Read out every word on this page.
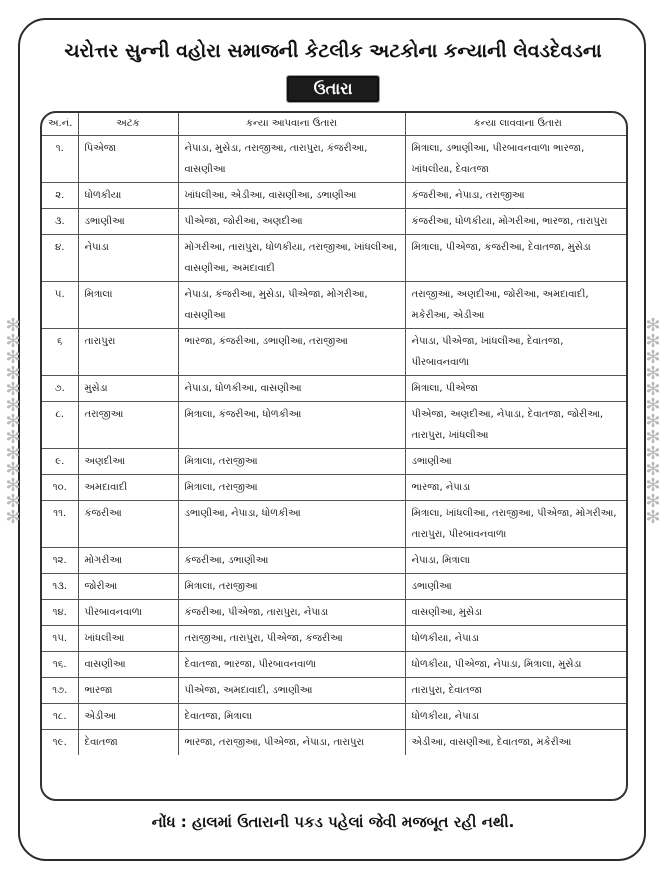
✻
✻
✻
✻
✻
✻
✻
✻
✻
✻
✻
✻
✻
✻
✻
✻
✻
✻
✻
✻
✻
✻
✻
✻
✻
✻
ચરોત્તર સુન્‍ની વહોરા સમાજની કેટલીક અટકોના કન્યાની લેવડદેવડના
ઉતારા
અ.નં.	અટક	કન્યા આપવાના ઉતારા	કન્યા લાવવાના ઉતારા
૧.	પિએજા	નેપાડા, મુસેડા, તરાજીઆ, તારાપુરા, કંજરીઆ, વાસણીઆ	મિત્રાલા, ડભાણીઆ, પીરબાવનવાળા ભારજા, ખાંધલીયા, દેવાતજા
૨.	ધોળકીયા	ખાંધલીઆ, એડીઆ, વાસણીઆ, ડભાણીઆ	કંજરીઆ, નેપાડા, તરાજીઆ
૩.	ડભાણીઆ	પીએજા, જોરીઆ, અણદીઆ	કંજરીઆ, ધોળકીયા, મોગરીઆ, ભારજા, તારાપુરા
૪.	નેપાડા	મોગરીઆ, તારાપુરા, ધોળકીયા, તરાજીઆ, ખાંધલીઆ, વાસણીઆ, અમદાવાદી	મિત્રાલા, પીએજા, કંજરીઆ, દેવાતજા, મુસેડા
૫.	મિત્રાલા	નેપાડા, કંજરીઆ, મુસેડા, પીએજા, મોગરીઆ, વાસણીઆ	તરાજીઆ, અણદીઆ, જોરીઆ, અમદાવાદી, મકેરીઆ, એડીઆ
૬	તારાપુરા	ભારજા, કંજરીઆ, ડભાણીઆ, તરાજીઆ	નેપાડા, પીએજા, ખાંધલીઆ, દેવાતજા, પીરબાવનવાળા
૭.	મુસેડા	નેપાડા, ધોળકીઆ, વાસણીઆ	મિત્રાલા, પીએજા
૮.	તરાજીઆ	મિત્રાલા, કંજરીઆ, ધોળકીઆ	પીએજા, અણદીઆ, નેપાડા, દેવાતજા, જોરીઆ, તારાપુરા, ખાંધલીઆ
૯.	અણદીઆ	મિત્રાલા, તરાજીઆ	ડભાણીઆ
૧૦.	અમદાવાદી	મિત્રાલા, તરાજીઆ	ભારજા, નેપાડા
૧૧.	કંજરીઆ	ડભાણીઆ, નેપાડા, ધોળકીઆ	મિત્રાલા, ખાંધલીઆ, તરાજીઆ, પીએજા, મોગરીઆ, તારાપુરા, પીરબાવનવાળા
૧૨.	મોગરીઆ	કંજરીઆ, ડભાણીઆ	નેપાડા, મિત્રાલા
૧૩.	જોરીઆ	મિત્રાલા, તરાજીઆ	ડભાણીઆ
૧૪.	પીરબાવનવાળા	કંજરીઆ, પીએજા, તારાપુરા, નેપાડા	વાસણીઆ, મુસેડા
૧૫.	ખાંધલીઆ	તરાજીઆ, તારાપુરા, પીએજા, કંજરીઆ	ધોળકીયા, નેપાડા
૧૬.	વાસણીઆ	દેવાતજા, ભારજા, પીરબાવનવાળા	ધોળકીયા, પીએજા, નેપાડા, મિત્રાલા, મુસેડા
૧૭.	ભારજા	પીએજા, અમદાવાદી, ડભાણીઆ	તારાપુરા, દેવાતજા
૧૮.	એડીઆ	દેવાતજા, મિત્રાલા	ધોળકીયા, નેપાડા
૧૯.	દેવાતજા	ભારજા, તરાજીઆ, પીએજા, નેપાડા, તારાપુરા	એડીઆ, વાસણીઆ, દેવાતજા, મકેરીઆ
નોંધ : હાલમાં ઉતારાની પકડ પહેલાં જેવી મજબૂત રહી નથી.
